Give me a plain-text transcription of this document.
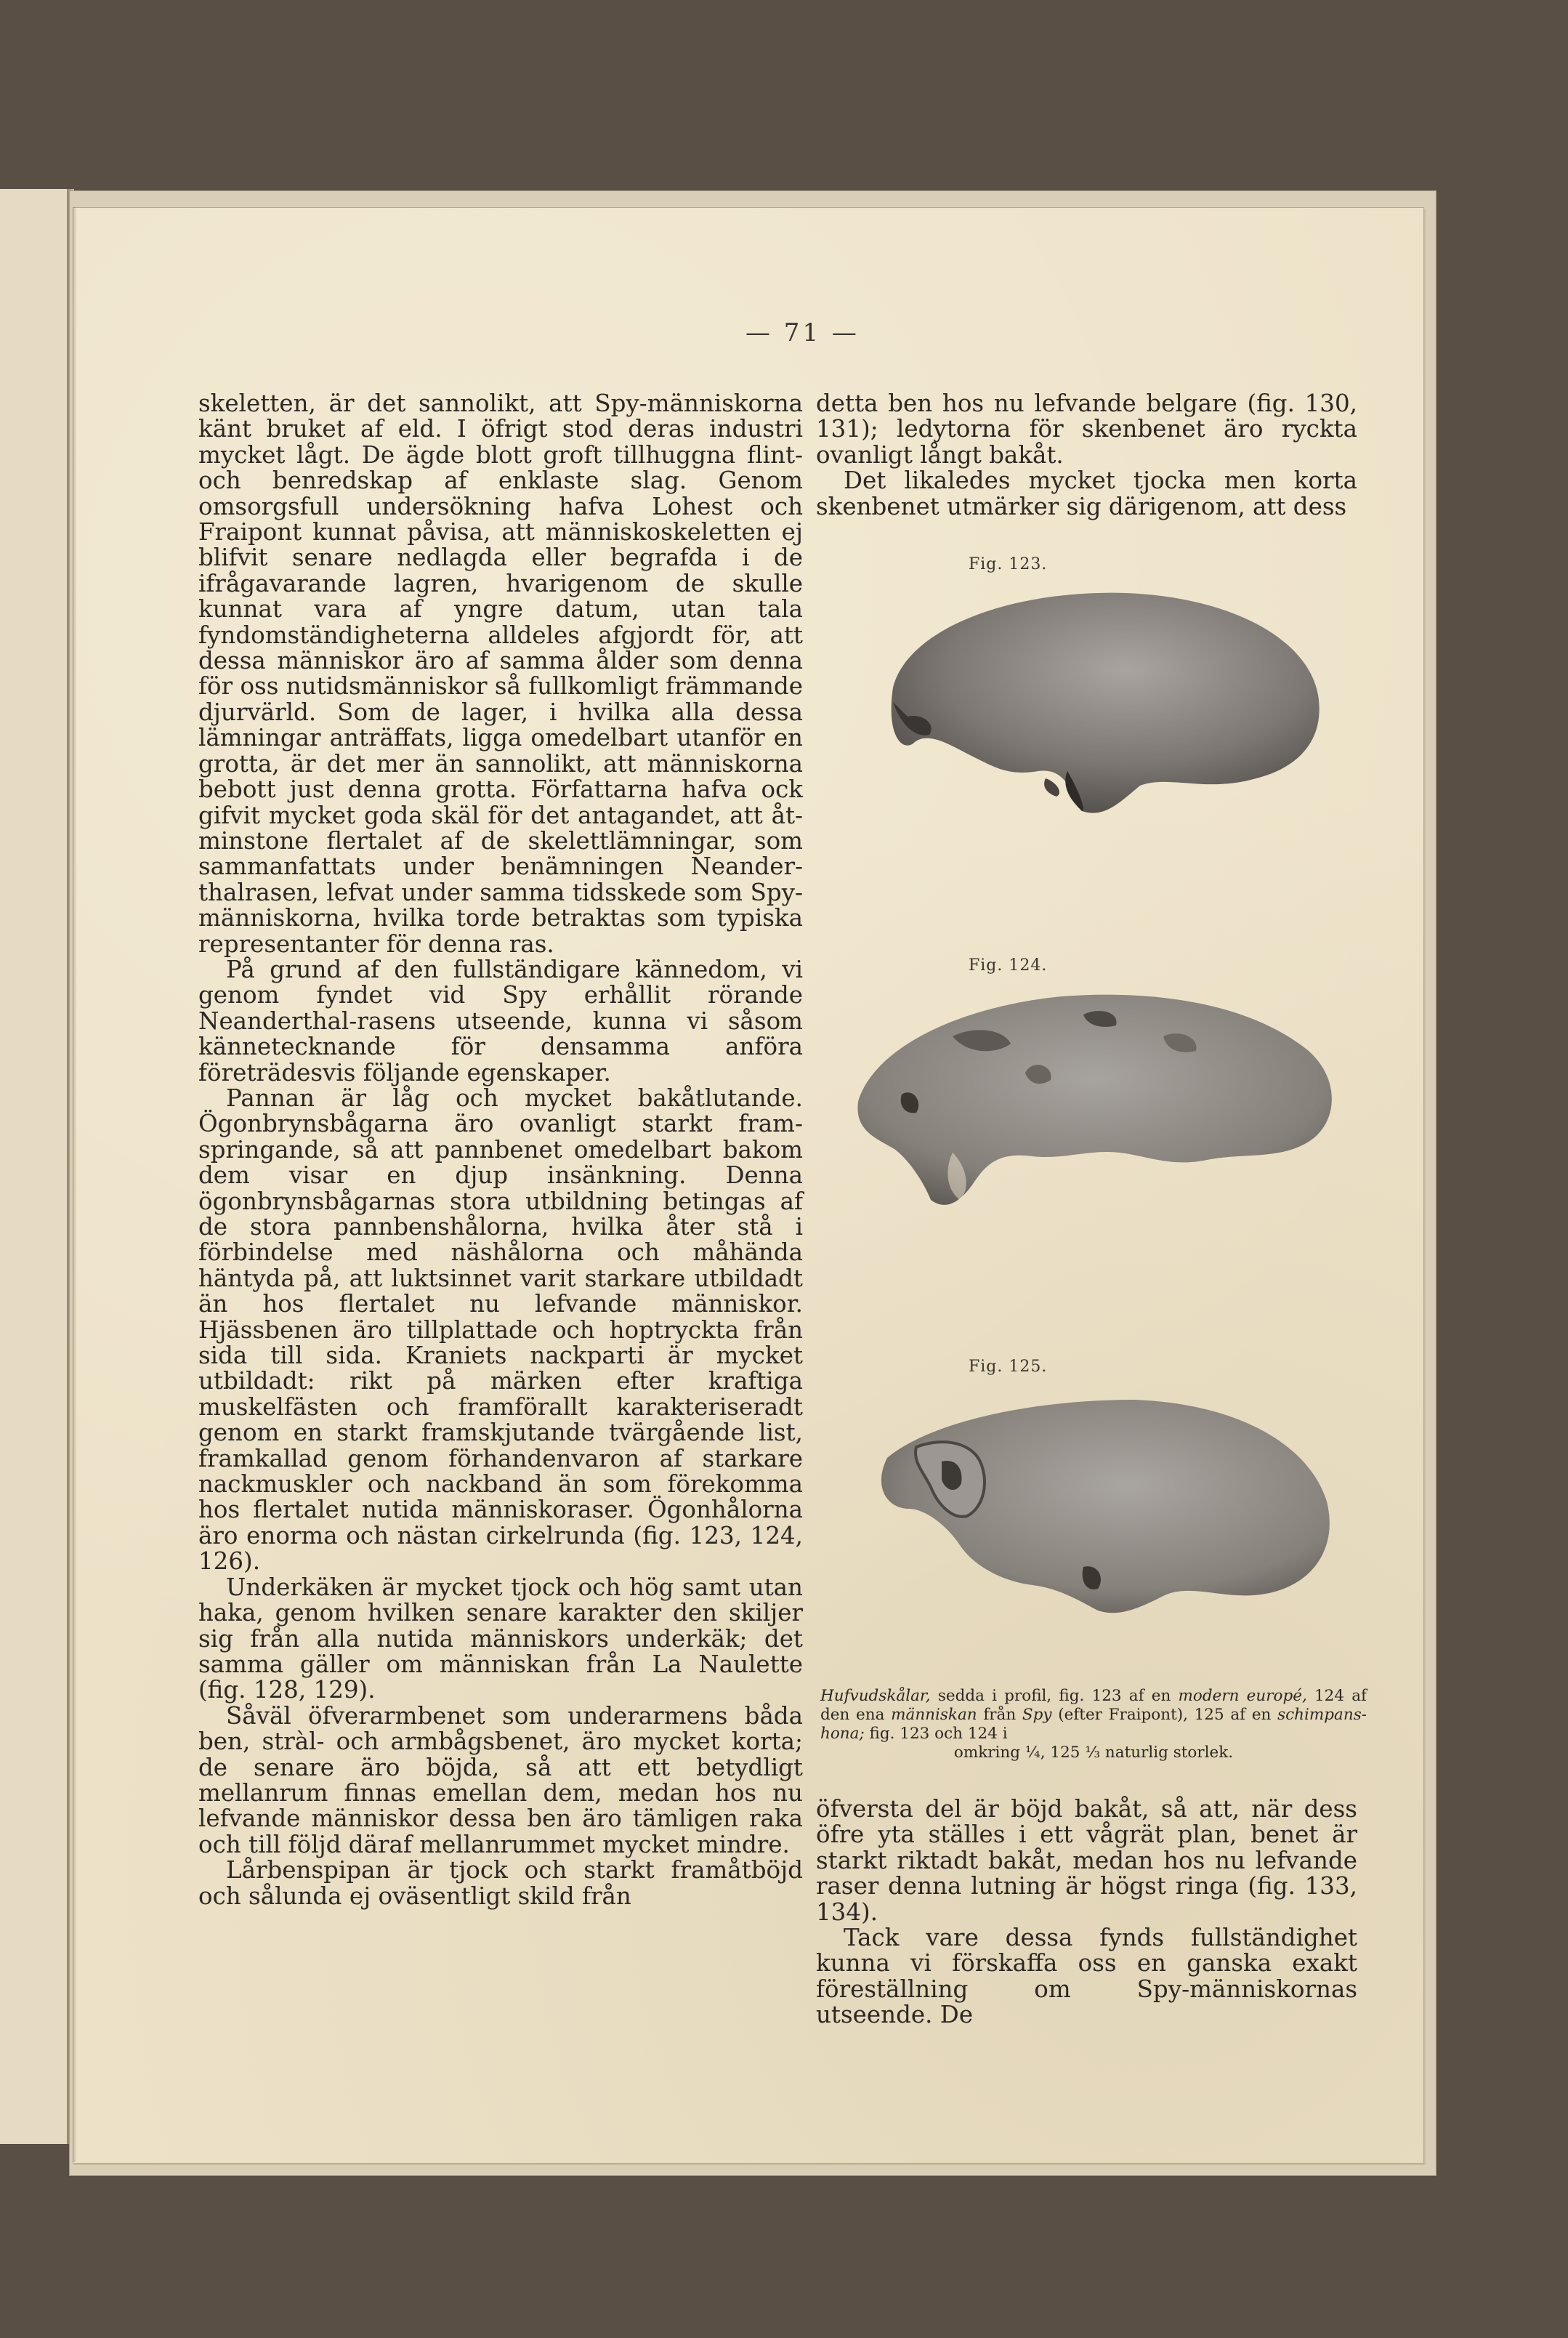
— 71 —

skeletten, är det sannolikt, att Spy-människorna känt bruket af eld. I öfrigt stod deras industri mycket lågt. De ägde blott groft tillhuggna flint- och benredskap af enklaste slag. Genom omsorgsfull undersökning hafva Lohest och Fraipont kunnat påvisa, att människoskeletten ej blifvit senare nedlagda eller begrafda i de ifrågavarande lagren, hvarigenom de skulle kunnat vara af yngre datum, utan tala fyndomständigheterna alldeles afgjordt för, att dessa människor äro af samma ålder som denna för oss nutidsmänniskor så fullkomligt främmande djurvärld. Som de lager, i hvilka alla dessa lämningar anträffats, ligga omedelbart utanför en grotta, är det mer än sannolikt, att människorna bebott just denna grotta. Författarna hafva ock gifvit mycket goda skäl för det antagandet, att åtminstone flertalet af de skelettlämningar, som sammanfattats under benämningen Neanderthalrasen, lefvat under samma tidsskede som Spy-människorna, hvilka torde betraktas som typiska representanter för denna ras.

På grund af den fullständigare kännedom, vi genom fyndet vid Spy erhållit rörande Neanderthal-rasens utseende, kunna vi såsom kännetecknande för densamma anföra företrädesvis följande egenskaper.

Pannan är låg och mycket bakåtlutande. Ögonbrynsbågarna äro ovanligt starkt framspringande, så att pannbenet omedelbart bakom dem visar en djup insänkning. Denna ögonbrynsbågarnas stora utbildning betingas af de stora pannbenshålorna, hvilka åter stå i förbindelse med näshålorna och måhända häntyda på, att luktsinnet varit starkare utbildadt än hos flertalet nu lefvande människor. Hjässbenen äro tillplattade och hoptryckta från sida till sida. Kraniets nackparti är mycket utbildadt: rikt på märken efter kraftiga muskelfästen och framförallt karakteriseradt genom en starkt framskjutande tvärgående list, framkallad genom förhandenvaron af starkare nackmuskler och nackband än som förekomma hos flertalet nutida människoraser. Ögonhålorna äro enorma och nästan cirkelrunda (fig. 123, 124, 126).

Underkäken är mycket tjock och hög samt utan haka, genom hvilken senare karakter den skiljer sig från alla nutida människors underkäk; det samma gäller om människan från La Naulette (fig. 128, 129).

Såväl öfverarmbenet som underarmens båda ben, stràl- och armbågsbenet, äro mycket korta; de senare äro böjda, så att ett betydligt mellanrum finnas emellan dem, medan hos nu lefvande människor dessa ben äro tämligen raka och till följd däraf mellanrummet mycket mindre.

Lårbenspipan är tjock och starkt framåtböjd och sålunda ej oväsentligt skild från

detta ben hos nu lefvande belgare (fig. 130, 131); ledytorna för skenbenet äro ryckta ovanligt långt bakåt.

Det likaledes mycket tjocka men korta skenbenet utmärker sig därigenom, att dess

Fig. 123.
Fig. 124.
Fig. 125.
Hufvudskålar, sedda i profil, fig. 123 af en modern europé, 124 af den ena människan från Spy (efter Fraipont), 125 af en schimpans-hona; fig. 123 och 124 i
omkring ¼, 125 ⅓ naturlig storlek.

öfversta del är böjd bakåt, så att, när dess öfre yta ställes i ett vågrät plan, benet är starkt riktadt bakåt, medan hos nu lefvande raser denna lutning är högst ringa (fig. 133, 134).

Tack vare dessa fynds fullständighet kunna vi förskaffa oss en ganska exakt föreställning om Spy-människornas utseende. De
